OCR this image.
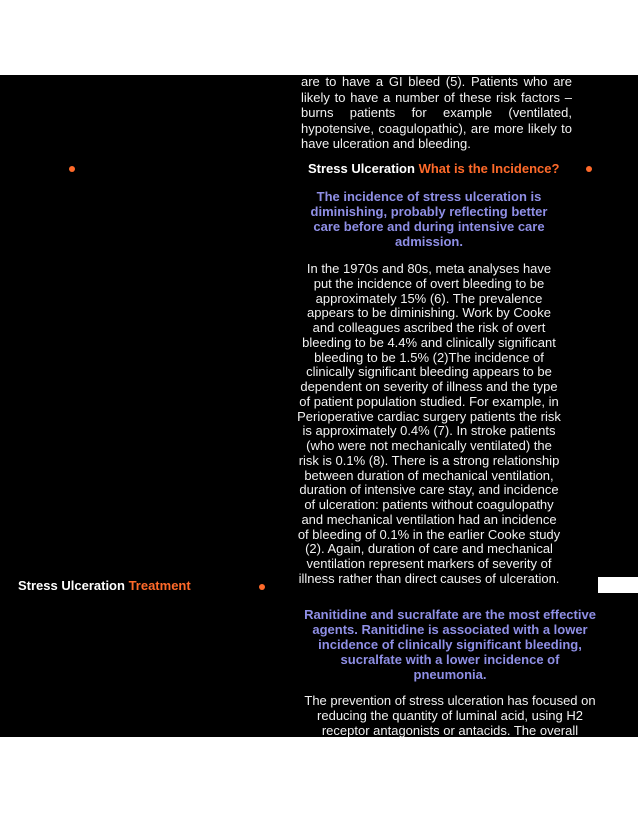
are to have a GI bleed (5). Patients who are
likely to have a number of these risk factors –
burns patients for example (ventilated,
hypotensive, coagulopathic), are more likely to
have ulceration and bleeding.
Stress Ulceration What is the Incidence?
The incidence of stress ulceration is
diminishing, probably reflecting better
care before and during intensive care
admission.
In the 1970s and 80s, meta analyses have
put the incidence of overt bleeding to be
approximately 15% (6). The prevalence
appears to be diminishing. Work by Cooke
and colleagues ascribed the risk of overt
bleeding to be 4.4% and clinically significant
bleeding to be 1.5% (2)The incidence of
clinically significant bleeding appears to be
dependent on severity of illness and the type
of patient population studied. For example, in
Perioperative cardiac surgery patients the risk
is approximately 0.4% (7). In stroke patients
(who were not mechanically ventilated) the
risk is 0.1% (8). There is a strong relationship
between duration of mechanical ventilation,
duration of intensive care stay, and incidence
of ulceration: patients without coagulopathy
and mechanical ventilation had an incidence
of bleeding of 0.1% in the earlier Cooke study
(2). Again, duration of care and mechanical
ventilation represent markers of severity of
illness rather than direct causes of ulceration.
Stress Ulceration Treatment
Ranitidine and sucralfate are the most effective
agents. Ranitidine is associated with a lower
incidence of clinically significant bleeding,
sucralfate with a lower incidence of
pneumonia.
The prevention of stress ulceration has focused on
reducing the quantity of luminal acid, using H2
receptor antagonists or antacids. The overall
